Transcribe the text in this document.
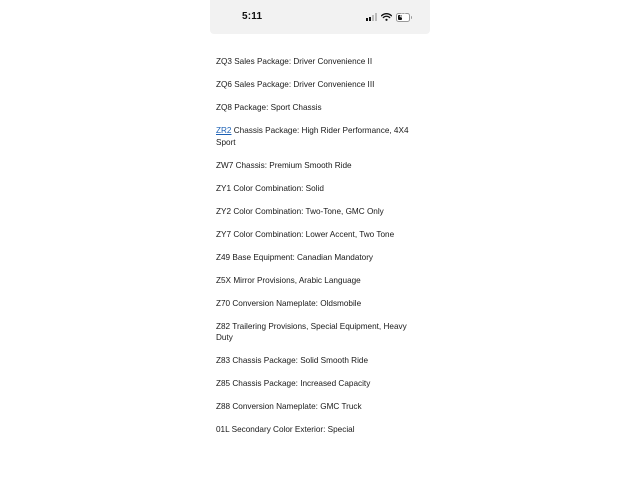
5:11	40
ZQ3 Sales Package: Driver Convenience II
ZQ6 Sales Package: Driver Convenience III
ZQ8 Package: Sport Chassis
ZR2 Chassis Package: High Rider Performance, 4X4 Sport
ZW7 Chassis: Premium Smooth Ride
ZY1 Color Combination: Solid
ZY2 Color Combination: Two-Tone, GMC Only
ZY7 Color Combination: Lower Accent, Two Tone
Z49 Base Equipment: Canadian Mandatory
Z5X Mirror Provisions, Arabic Language
Z70 Conversion Nameplate: Oldsmobile
Z82 Trailering Provisions, Special Equipment, Heavy Duty
Z83 Chassis Package: Solid Smooth Ride
Z85 Chassis Package: Increased Capacity
Z88 Conversion Nameplate: GMC Truck
01L Secondary Color Exterior: Special
